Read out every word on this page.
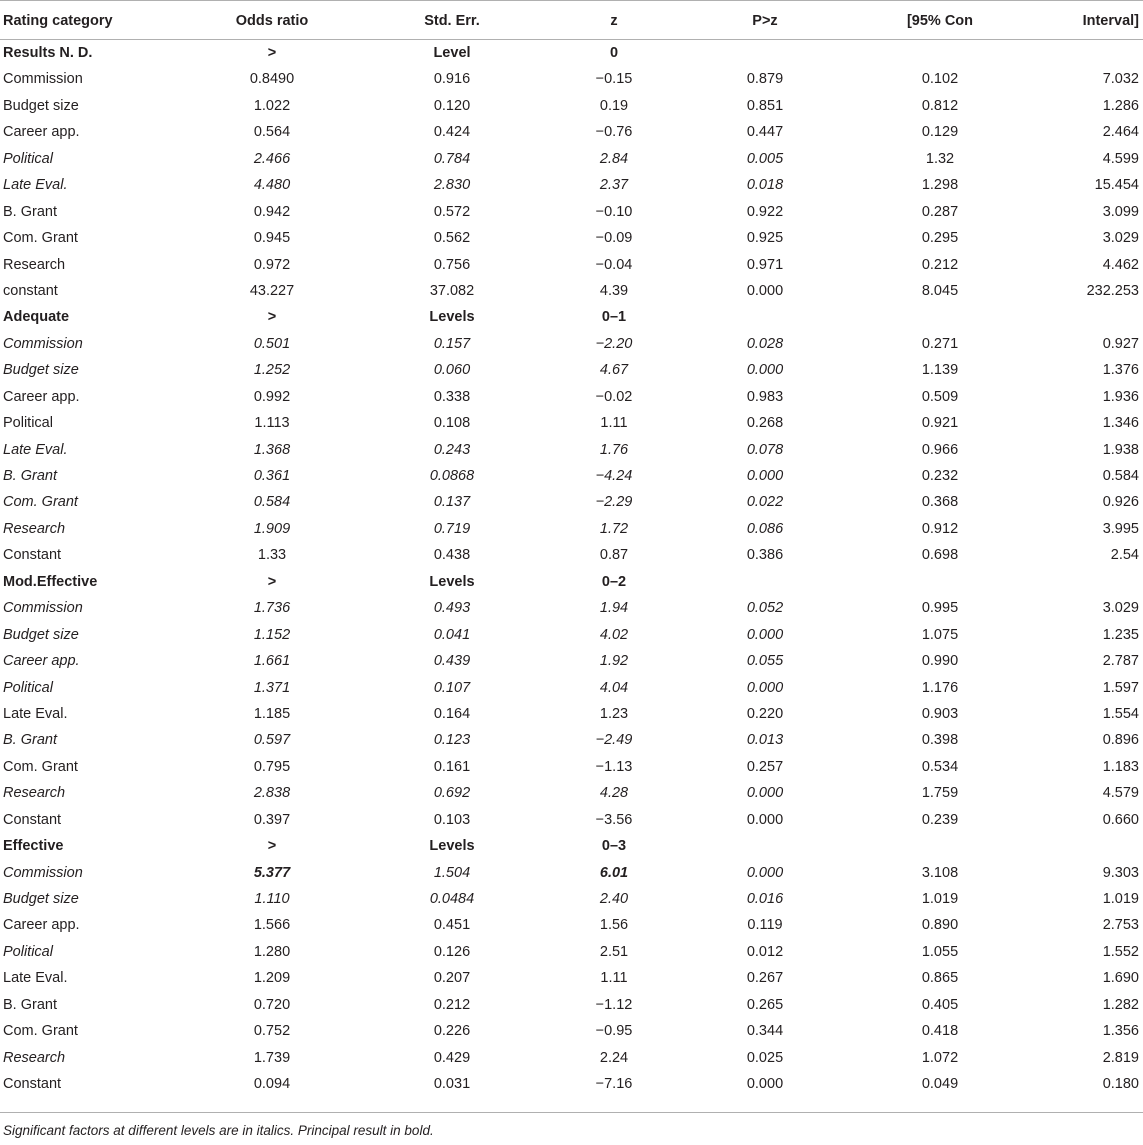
Rating category	Odds ratio	Std. Err.	z	P>z	[95% Con	Interval]
Results N. D.	>	Level	0
Commission	0.8490	0.916	−0.15	0.879	0.102	7.032
Budget size	1.022	0.120	0.19	0.851	0.812	1.286
Career app.	0.564	0.424	−0.76	0.447	0.129	2.464
Political	2.466	0.784	2.84	0.005	1.32	4.599
Late Eval.	4.480	2.830	2.37	0.018	1.298	15.454
B. Grant	0.942	0.572	−0.10	0.922	0.287	3.099
Com. Grant	0.945	0.562	−0.09	0.925	0.295	3.029
Research	0.972	0.756	−0.04	0.971	0.212	4.462
constant	43.227	37.082	4.39	0.000	8.045	232.253
Adequate	>	Levels	0–1
Commission	0.501	0.157	−2.20	0.028	0.271	0.927
Budget size	1.252	0.060	4.67	0.000	1.139	1.376
Career app.	0.992	0.338	−0.02	0.983	0.509	1.936
Political	1.113	0.108	1.11	0.268	0.921	1.346
Late Eval.	1.368	0.243	1.76	0.078	0.966	1.938
B. Grant	0.361	0.0868	−4.24	0.000	0.232	0.584
Com. Grant	0.584	0.137	−2.29	0.022	0.368	0.926
Research	1.909	0.719	1.72	0.086	0.912	3.995
Constant	1.33	0.438	0.87	0.386	0.698	2.54
Mod.Effective	>	Levels	0–2
Commission	1.736	0.493	1.94	0.052	0.995	3.029
Budget size	1.152	0.041	4.02	0.000	1.075	1.235
Career app.	1.661	0.439	1.92	0.055	0.990	2.787
Political	1.371	0.107	4.04	0.000	1.176	1.597
Late Eval.	1.185	0.164	1.23	0.220	0.903	1.554
B. Grant	0.597	0.123	−2.49	0.013	0.398	0.896
Com. Grant	0.795	0.161	−1.13	0.257	0.534	1.183
Research	2.838	0.692	4.28	0.000	1.759	4.579
Constant	0.397	0.103	−3.56	0.000	0.239	0.660
Effective	>	Levels	0–3
Commission	5.377	1.504	6.01	0.000	3.108	9.303
Budget size	1.110	0.0484	2.40	0.016	1.019	1.019
Career app.	1.566	0.451	1.56	0.119	0.890	2.753
Political	1.280	0.126	2.51	0.012	1.055	1.552
Late Eval.	1.209	0.207	1.11	0.267	0.865	1.690
B. Grant	0.720	0.212	−1.12	0.265	0.405	1.282
Com. Grant	0.752	0.226	−0.95	0.344	0.418	1.356
Research	1.739	0.429	2.24	0.025	1.072	2.819
Constant	0.094	0.031	−7.16	0.000	0.049	0.180
Significant factors at different levels are in italics. Principal result in bold.
